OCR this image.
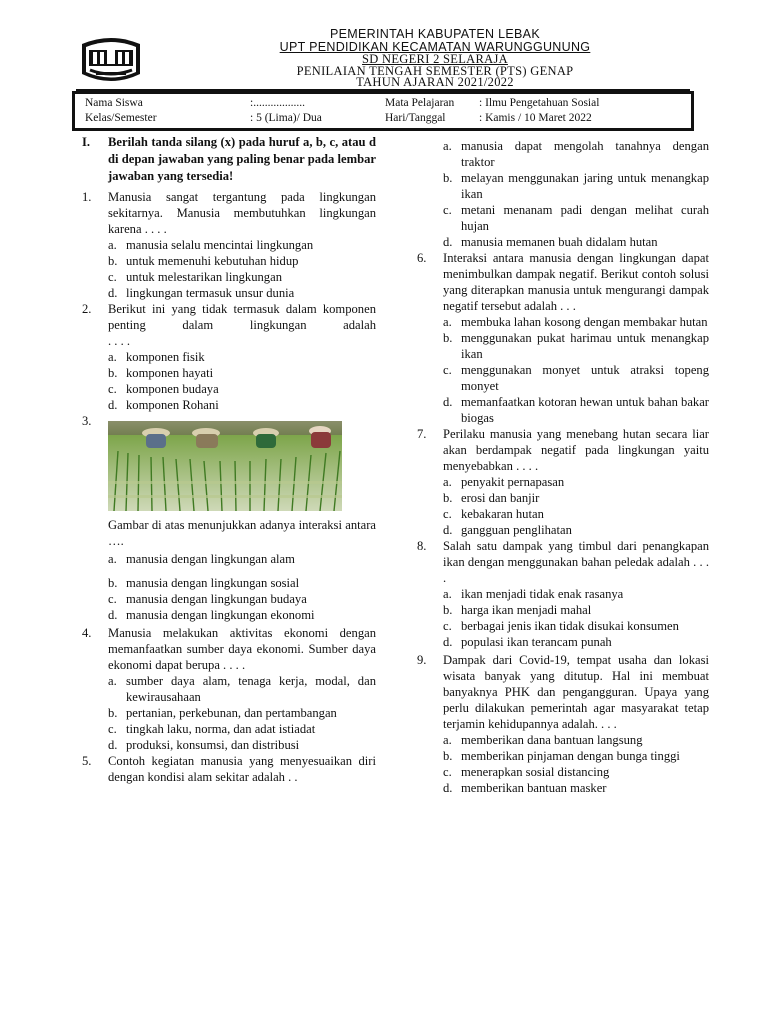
PEMERINTAH KABUPATEN LEBAK
UPT PENDIDIKAN KECAMATAN WARUNGGUNUNG
SD NEGERI 2 SELARAJA
PENILAIAN TENGAH SEMESTER (PTS) GENAP
TAHUN AJARAN 2021/2022
Nama Siswa	:..................	Mata Pelajaran : Ilmu Pengetahuan Sosial
Kelas/Semester	: 5 (Lima)/ Dua	Hari/Tanggal	: Kamis / 10 Maret 2022
I. Berilah tanda silang (x) pada huruf a, b, c, atau d di depan jawaban yang paling benar pada lembar jawaban yang tersedia!
1. Manusia sangat tergantung pada lingkungan sekitarnya. Manusia membutuhkan lingkungan karena . . . .
a. manusia selalu mencintai lingkungan
b. untuk memenuhi kebutuhan hidup
c. untuk melestarikan lingkungan
d. lingkungan termasuk unsur dunia
2. Berikut ini yang tidak termasuk dalam komponen penting dalam lingkungan adalah
. . . .
a. komponen fisik
b. komponen hayati
c. komponen budaya
d. komponen Rohani
3.
Gambar di atas menunjukkan adanya interaksi antara ….
a. manusia dengan lingkungan alam
b. manusia dengan lingkungan sosial
c. manusia dengan lingkungan budaya
d. manusia dengan lingkungan ekonomi
4. Manusia melakukan aktivitas ekonomi dengan memanfaatkan sumber daya ekonomi. Sumber daya ekonomi dapat berupa . . . .
a. sumber daya alam, tenaga kerja, modal, dan kewirausahaan
b. pertanian, perkebunan, dan pertambangan
c. tingkah laku, norma, dan adat istiadat
d. produksi, konsumsi, dan distribusi
5. Contoh kegiatan manusia yang menyesuaikan diri dengan kondisi alam sekitar adalah . .
a. manusia dapat mengolah tanahnya dengan traktor
b. melayan menggunakan jaring untuk menangkap ikan
c. metani menanam padi dengan melihat curah hujan
d. manusia memanen buah didalam hutan
6. Interaksi antara manusia dengan lingkungan dapat menimbulkan dampak negatif. Berikut contoh solusi yang diterapkan manusia untuk mengurangi dampak negatif tersebut adalah . . .
a. membuka lahan kosong dengan membakar hutan
b. menggunakan pukat harimau untuk menangkap ikan
c. menggunakan monyet untuk atraksi topeng monyet
d. memanfaatkan kotoran hewan untuk bahan bakar biogas
7. Perilaku manusia yang menebang hutan secara liar akan berdampak negatif pada lingkungan yaitu menyebabkan . . . .
a. penyakit pernapasan
b. erosi dan banjir
c. kebakaran hutan
d. gangguan penglihatan
8. Salah satu dampak yang timbul dari penangkapan ikan dengan menggunakan bahan peledak adalah . . . .
a. ikan menjadi tidak enak rasanya
b. harga ikan menjadi mahal
c. berbagai jenis ikan tidak disukai konsumen
d. populasi ikan terancam punah
9. Dampak dari Covid-19, tempat usaha dan lokasi wisata banyak yang ditutup. Hal ini membuat banyaknya PHK dan pengangguran. Upaya yang perlu dilakukan pemerintah agar masyarakat tetap terjamin kehidupannya adalah. . . .
a. memberikan dana bantuan langsung
b. memberikan pinjaman dengan bunga tinggi
c. menerapkan sosial distancing
d. memberikan bantuan masker
